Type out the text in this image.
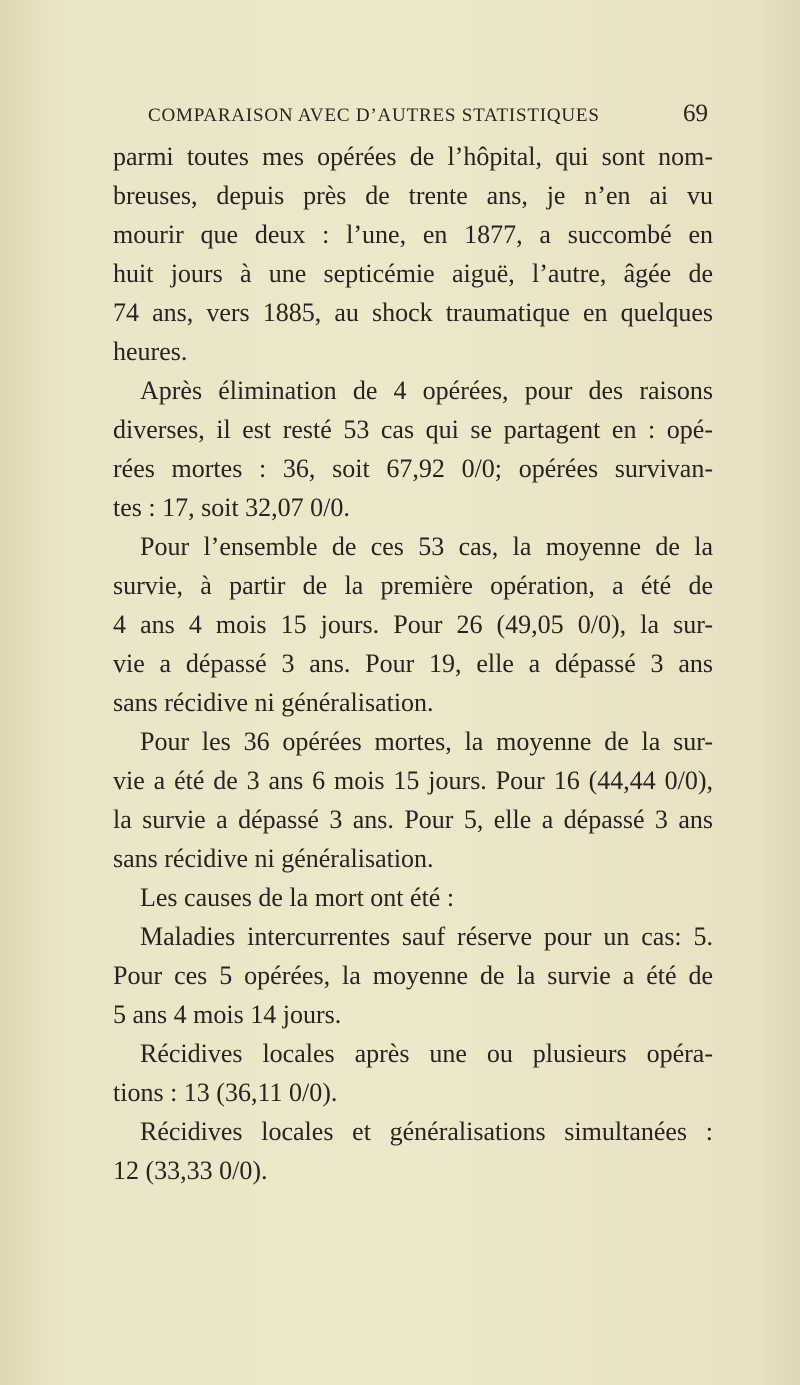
COMPARAISON AVEC D’AUTRES STATISTIQUES	69
parmi toutes mes opérées de l’hôpital, qui sont nom-
breuses, depuis près de trente ans, je n’en ai vu
mourir que deux : l’une, en 1877, a succombé en
huit jours à une septicémie aiguë, l’autre, âgée de
74 ans, vers 1885, au shock traumatique en quelques
heures.
Après élimination de 4 opérées, pour des raisons
diverses, il est resté 53 cas qui se partagent en : opé-
rées mortes : 36, soit 67,92 0/0; opérées survivan-
tes : 17, soit 32,07 0/0.
Pour l’ensemble de ces 53 cas, la moyenne de la
survie, à partir de la première opération, a été de
4 ans 4 mois 15 jours. Pour 26 (49,05 0/0), la sur-
vie a dépassé 3 ans. Pour 19, elle a dépassé 3 ans
sans récidive ni généralisation.
Pour les 36 opérées mortes, la moyenne de la sur-
vie a été de 3 ans 6 mois 15 jours. Pour 16 (44,44 0/0),
la survie a dépassé 3 ans. Pour 5, elle a dépassé 3 ans
sans récidive ni généralisation.
Les causes de la mort ont été :
Maladies intercurrentes sauf réserve pour un cas: 5.
Pour ces 5 opérées, la moyenne de la survie a été de
5 ans 4 mois 14 jours.
Récidives locales après une ou plusieurs opéra-
tions : 13 (36,11 0/0).
Récidives locales et généralisations simultanées :
12 (33,33 0/0).
